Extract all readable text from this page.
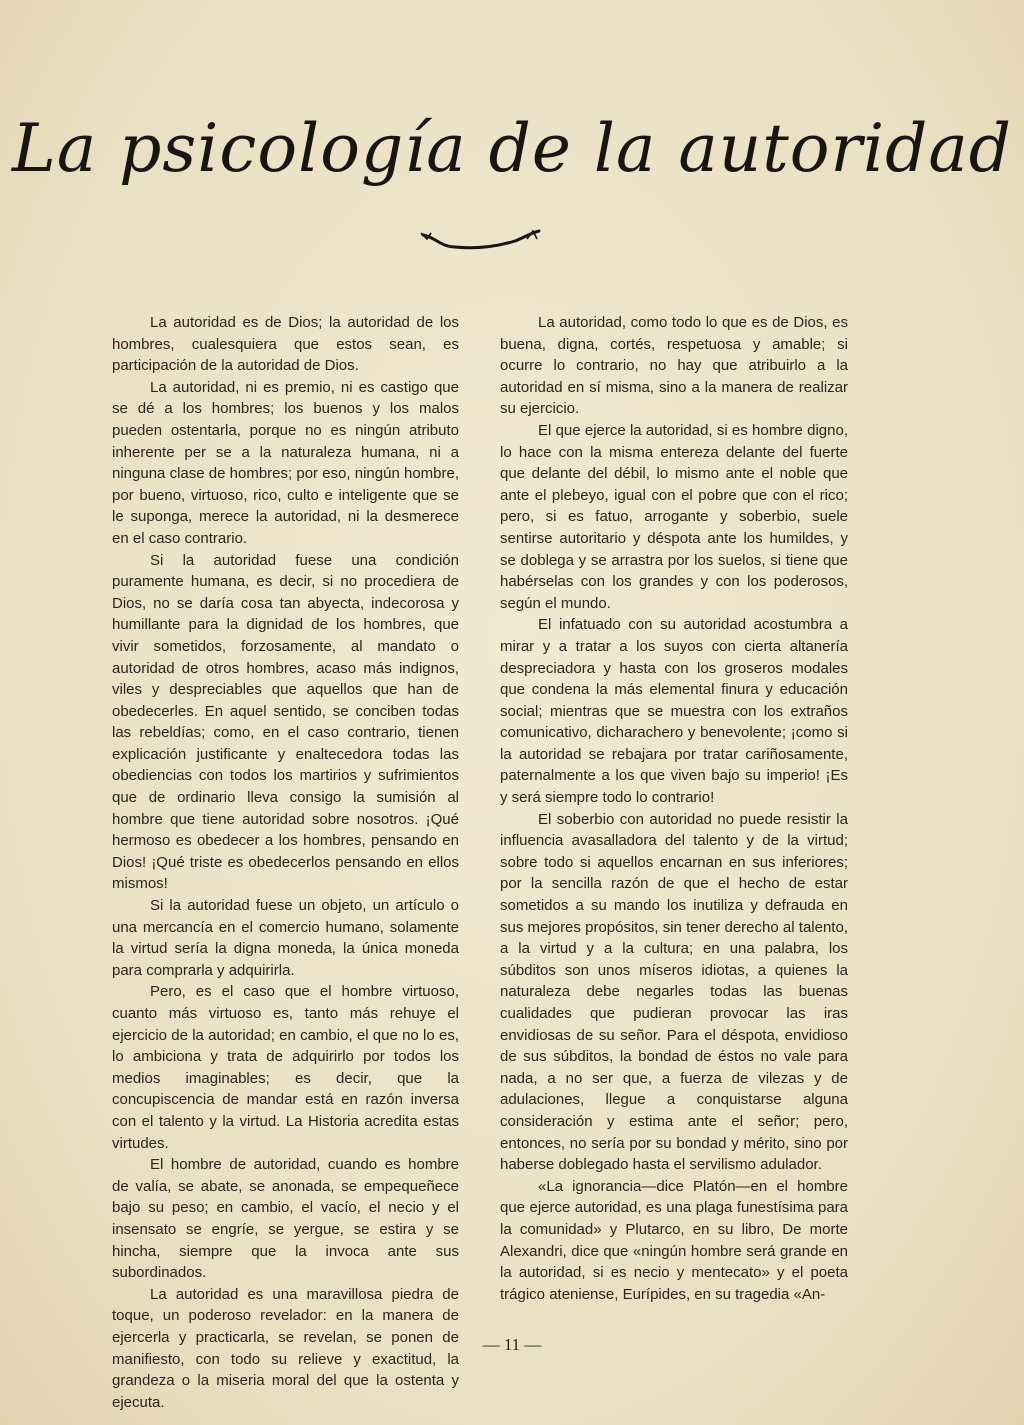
La psicología de la autoridad

La autoridad es de Dios; la autoridad de los hombres, cualesquiera que estos sean, es participación de la autoridad de Dios.

La autoridad, ni es premio, ni es castigo que se dé a los hombres; los buenos y los malos pueden ostentarla, porque no es ningún atributo inherente per se a la naturaleza humana, ni a ninguna clase de hombres; por eso, ningún hombre, por bueno, virtuoso, rico, culto e inteligente que se le suponga, merece la autoridad, ni la desmerece en el caso contrario.

Si la autoridad fuese una condición puramente humana, es decir, si no procediera de Dios, no se daría cosa tan abyecta, indecorosa y humillante para la dignidad de los hombres, que vivir sometidos, forzosamente, al mandato o autoridad de otros hombres, acaso más indignos, viles y despreciables que aquellos que han de obedecerles. En aquel sentido, se conciben todas las rebeldías; como, en el caso contrario, tienen explicación justificante y enaltecedora todas las obediencias con todos los martirios y sufrimientos que de ordinario lleva consigo la sumisión al hombre que tiene autoridad sobre nosotros. ¡Qué hermoso es obedecer a los hombres, pensando en Dios! ¡Qué triste es obedecerlos pensando en ellos mismos!

Si la autoridad fuese un objeto, un artículo o una mercancía en el comercio humano, solamente la virtud sería la digna moneda, la única moneda para comprarla y adquirirla.

Pero, es el caso que el hombre virtuoso, cuanto más virtuoso es, tanto más rehuye el ejercicio de la autoridad; en cambio, el que no lo es, lo ambiciona y trata de adquirirlo por todos los medios imaginables; es decir, que la concupiscencia de mandar está en razón inversa con el talento y la virtud. La Historia acredita estas virtudes.

El hombre de autoridad, cuando es hombre de valía, se abate, se anonada, se empequeñece bajo su peso; en cambio, el vacío, el necio y el insensato se engríe, se yergue, se estira y se hincha, siempre que la invoca ante sus subordinados.

La autoridad es una maravillosa piedra de toque, un poderoso revelador: en la manera de ejercerla y practicarla, se revelan, se ponen de manifiesto, con todo su relieve y exactitud, la grandeza o la miseria moral del que la ostenta y ejecuta.

La autoridad, como todo lo que es de Dios, es buena, digna, cortés, respetuosa y amable; si ocurre lo contrario, no hay que atribuirlo a la autoridad en sí misma, sino a la manera de realizar su ejercicio.

El que ejerce la autoridad, si es hombre digno, lo hace con la misma entereza delante del fuerte que delante del débil, lo mismo ante el noble que ante el plebeyo, igual con el pobre que con el rico; pero, si es fatuo, arrogante y soberbio, suele sentirse autoritario y déspota ante los humildes, y se doblega y se arrastra por los suelos, si tiene que habérselas con los grandes y con los poderosos, según el mundo.

El infatuado con su autoridad acostumbra a mirar y a tratar a los suyos con cierta altanería despreciadora y hasta con los groseros modales que condena la más elemental finura y educación social; mientras que se muestra con los extraños comunicativo, dicharachero y benevolente; ¡como si la autoridad se rebajara por tratar cariñosamente, paternalmente a los que viven bajo su imperio! ¡Es y será siempre todo lo contrario!

El soberbio con autoridad no puede resistir la influencia avasalladora del talento y de la virtud; sobre todo si aquellos encarnan en sus inferiores; por la sencilla razón de que el hecho de estar sometidos a su mando los inutiliza y defrauda en sus mejores propósitos, sin tener derecho al talento, a la virtud y a la cultura; en una palabra, los súbditos son unos míseros idiotas, a quienes la naturaleza debe negarles todas las buenas cualidades que pudieran provocar las iras envidiosas de su señor. Para el déspota, envidioso de sus súbditos, la bondad de éstos no vale para nada, a no ser que, a fuerza de vilezas y de adulaciones, llegue a conquistarse alguna consideración y estima ante el señor; pero, entonces, no sería por su bondad y mérito, sino por haberse doblegado hasta el servilismo adulador.

«La ignorancia—dice Platón—en el hombre que ejerce autoridad, es una plaga funestísima para la comunidad» y Plutarco, en su libro, De morte Alexandri, dice que «ningún hombre será grande en la autoridad, si es necio y mentecato» y el poeta trágico ateniense, Eurípides, en su tragedia «An-

— 11 —
